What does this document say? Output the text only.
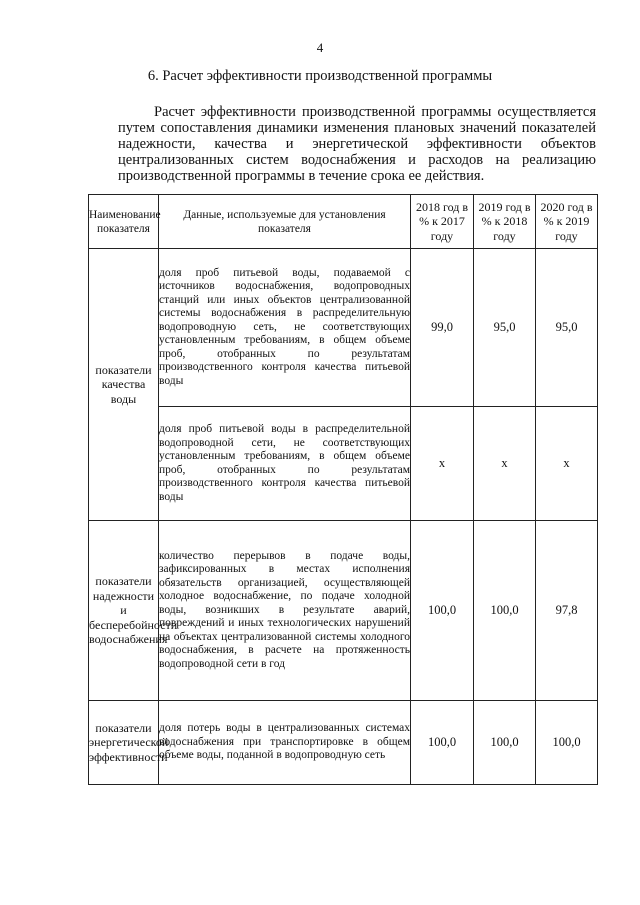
4
6. Расчет эффективности производственной программы
Расчет эффективности производственной программы осуществляется путем сопоставления динамики изменения плановых значений показателей надежности, качества и энергетической эффективности объектов централизованных систем водоснабжения и расходов на реализацию производственной программы в течение срока ее действия.
Наименование показателя	Данные, используемые для установления показателя	2018 год в % к 2017 году	2019 год в % к 2018 году	2020 год в % к 2019 году
показатели качества воды	доля проб питьевой воды, подаваемой с источников водоснабжения, водопроводных станций или иных объектов централизованной системы водоснабжения в распределительную водопроводную сеть, не соответствующих установленным требованиям, в общем объеме проб, отобранных по результатам производственного контроля качества питьевой воды	99,0	95,0	95,0
	доля проб питьевой воды в распределительной водопроводной сети, не соответствующих установленным требованиям, в общем объеме проб, отобранных по результатам производственного контроля качества питьевой воды	x	x	x
показатели надежности и бесперебойности водоснабжения	количество перерывов в подаче воды, зафиксированных в местах исполнения обязательств организацией, осуществляющей холодное водоснабжение, по подаче холодной воды, возникших в результате аварий, повреждений и иных технологических нарушений на объектах централизованной системы холодного водоснабжения, в расчете на протяженность водопроводной сети в год	100,0	100,0	97,8
показатели энергетической эффективности	доля потерь воды в централизованных системах водоснабжения при транспортировке в общем объеме воды, поданной в водопроводную сеть	100,0	100,0	100,0
